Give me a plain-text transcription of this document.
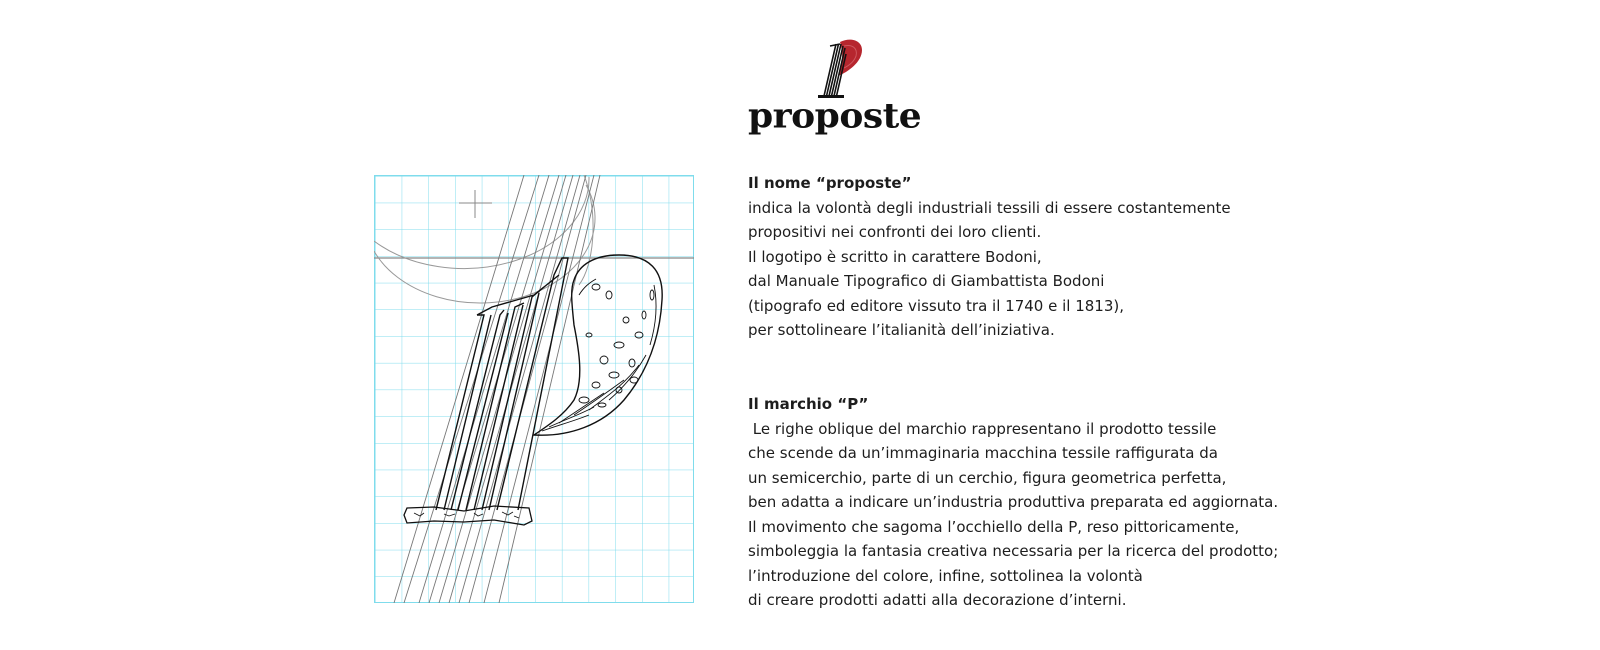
proposte
Il nome “proposte”
indica la volontà degli industriali tessili di essere costantemente
propositivi nei confronti dei loro clienti.
Il logotipo è scritto in carattere Bodoni,
dal Manuale Tipografico di Giambattista Bodoni
(tipografo ed editore vissuto tra il 1740 e il 1813),
per sottolineare l’italianità dell’iniziativa.
Il marchio “P”
Le righe oblique del marchio rappresentano il prodotto tessile
che scende da un’immaginaria macchina tessile raffigurata da
un semicerchio, parte di un cerchio, figura geometrica perfetta,
ben adatta a indicare un’industria produttiva preparata ed aggiornata.
Il movimento che sagoma l’occhiello della P, reso pittoricamente,
simboleggia la fantasia creativa necessaria per la ricerca del prodotto;
l’introduzione del colore, infine, sottolinea la volontà
di creare prodotti adatti alla decorazione d’interni.
